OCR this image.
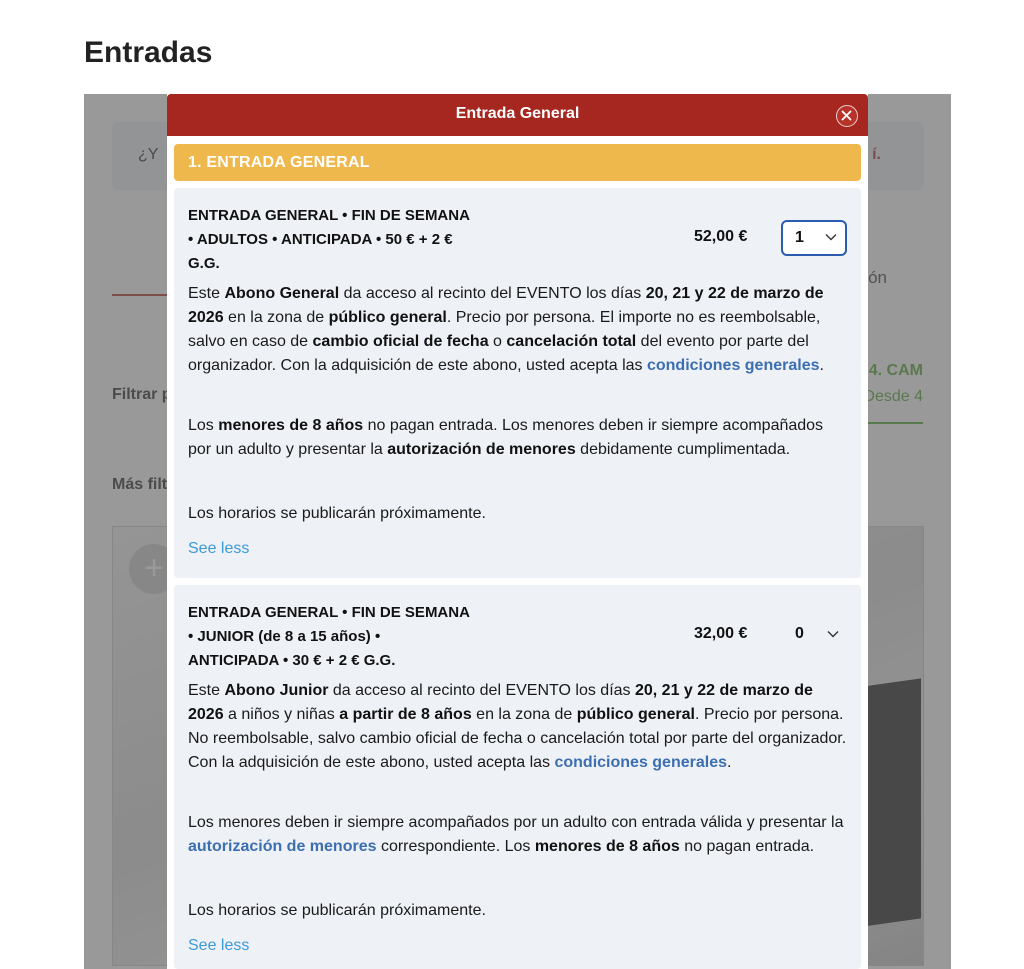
Entradas
Entrada General
1. ENTRADA GENERAL
ENTRADA GENERAL • FIN DE SEMANA
• ADULTOS • ANTICIPADA • 50 € + 2 €
G.G.
52,00 €	1
Este Abono General da acceso al recinto del EVENTO los días 20, 21 y 22 de marzo de 2026 en la zona de público general. Precio por persona. El importe no es reembolsable, salvo en caso de cambio oficial de fecha o cancelación total del evento por parte del organizador. Con la adquisición de este abono, usted acepta las condiciones generales.
Los menores de 8 años no pagan entrada. Los menores deben ir siempre acompañados por un adulto y presentar la autorización de menores debidamente cumplimentada.
Los horarios se publicarán próximamente.
See less
ENTRADA GENERAL • FIN DE SEMANA
• JUNIOR (de 8 a 15 años) •
ANTICIPADA • 30 € + 2 € G.G.
32,00 €	0
Este Abono Junior da acceso al recinto del EVENTO los días 20, 21 y 22 de marzo de 2026 a niños y niñas a partir de 8 años en la zona de público general. Precio por persona. No reembolsable, salvo cambio oficial de fecha o cancelación total por parte del organizador. Con la adquisición de este abono, usted acepta las condiciones generales.
Los menores deben ir siempre acompañados por un adulto con entrada válida y presentar la autorización de menores correspondiente. Los menores de 8 años no pagan entrada.
Los horarios se publicarán próximamente.
See less
